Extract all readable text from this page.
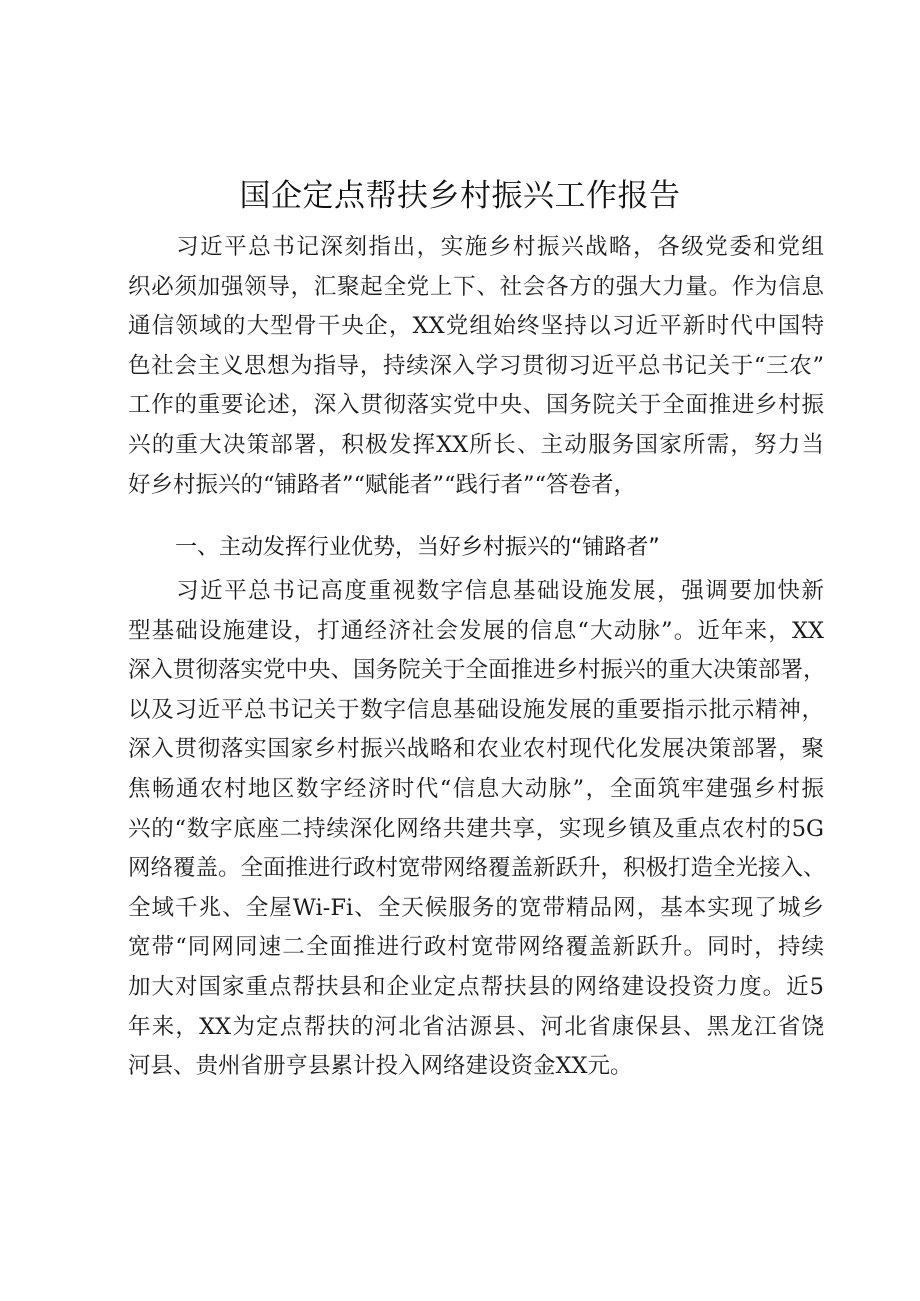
国企定点帮扶乡村振兴工作报告
　　习近平总书记深刻指出，实施乡村振兴战略，各级党委和党组
织必须加强领导，汇聚起全党上下、社会各方的强大力量。作为信息
通信领域的大型骨干央企，XX党组始终坚持以习近平新时代中国特
色社会主义思想为指导，持续深入学习贯彻习近平总书记关于“三农”
工作的重要论述，深入贯彻落实党中央、国务院关于全面推进乡村振
兴的重大决策部署，积极发挥XX所长、主动服务国家所需，努力当
好乡村振兴的“铺路者”“赋能者”“践行者”“答卷者，
一、主动发挥行业优势，当好乡村振兴的“铺路者”
　　习近平总书记高度重视数字信息基础设施发展，强调要加快新
型基础设施建设，打通经济社会发展的信息“大动脉”。近年来，XX
深入贯彻落实党中央、国务院关于全面推进乡村振兴的重大决策部署，
以及习近平总书记关于数字信息基础设施发展的重要指示批示精神，
深入贯彻落实国家乡村振兴战略和农业农村现代化发展决策部署，聚
焦畅通农村地区数字经济时代“信息大动脉”，全面筑牢建强乡村振
兴的“数字底座二持续深化网络共建共享，实现乡镇及重点农村的5G
网络覆盖。全面推进行政村宽带网络覆盖新跃升，积极打造全光接入、
全域千兆、全屋Wi-Fi、全天候服务的宽带精品网，基本实现了城乡
宽带“同网同速二全面推进行政村宽带网络覆盖新跃升。同时，持续
加大对国家重点帮扶县和企业定点帮扶县的网络建设投资力度。近5
年来，XX为定点帮扶的河北省沽源县、河北省康保县、黑龙江省饶
河县、贵州省册亨县累计投入网络建设资金XX元。
